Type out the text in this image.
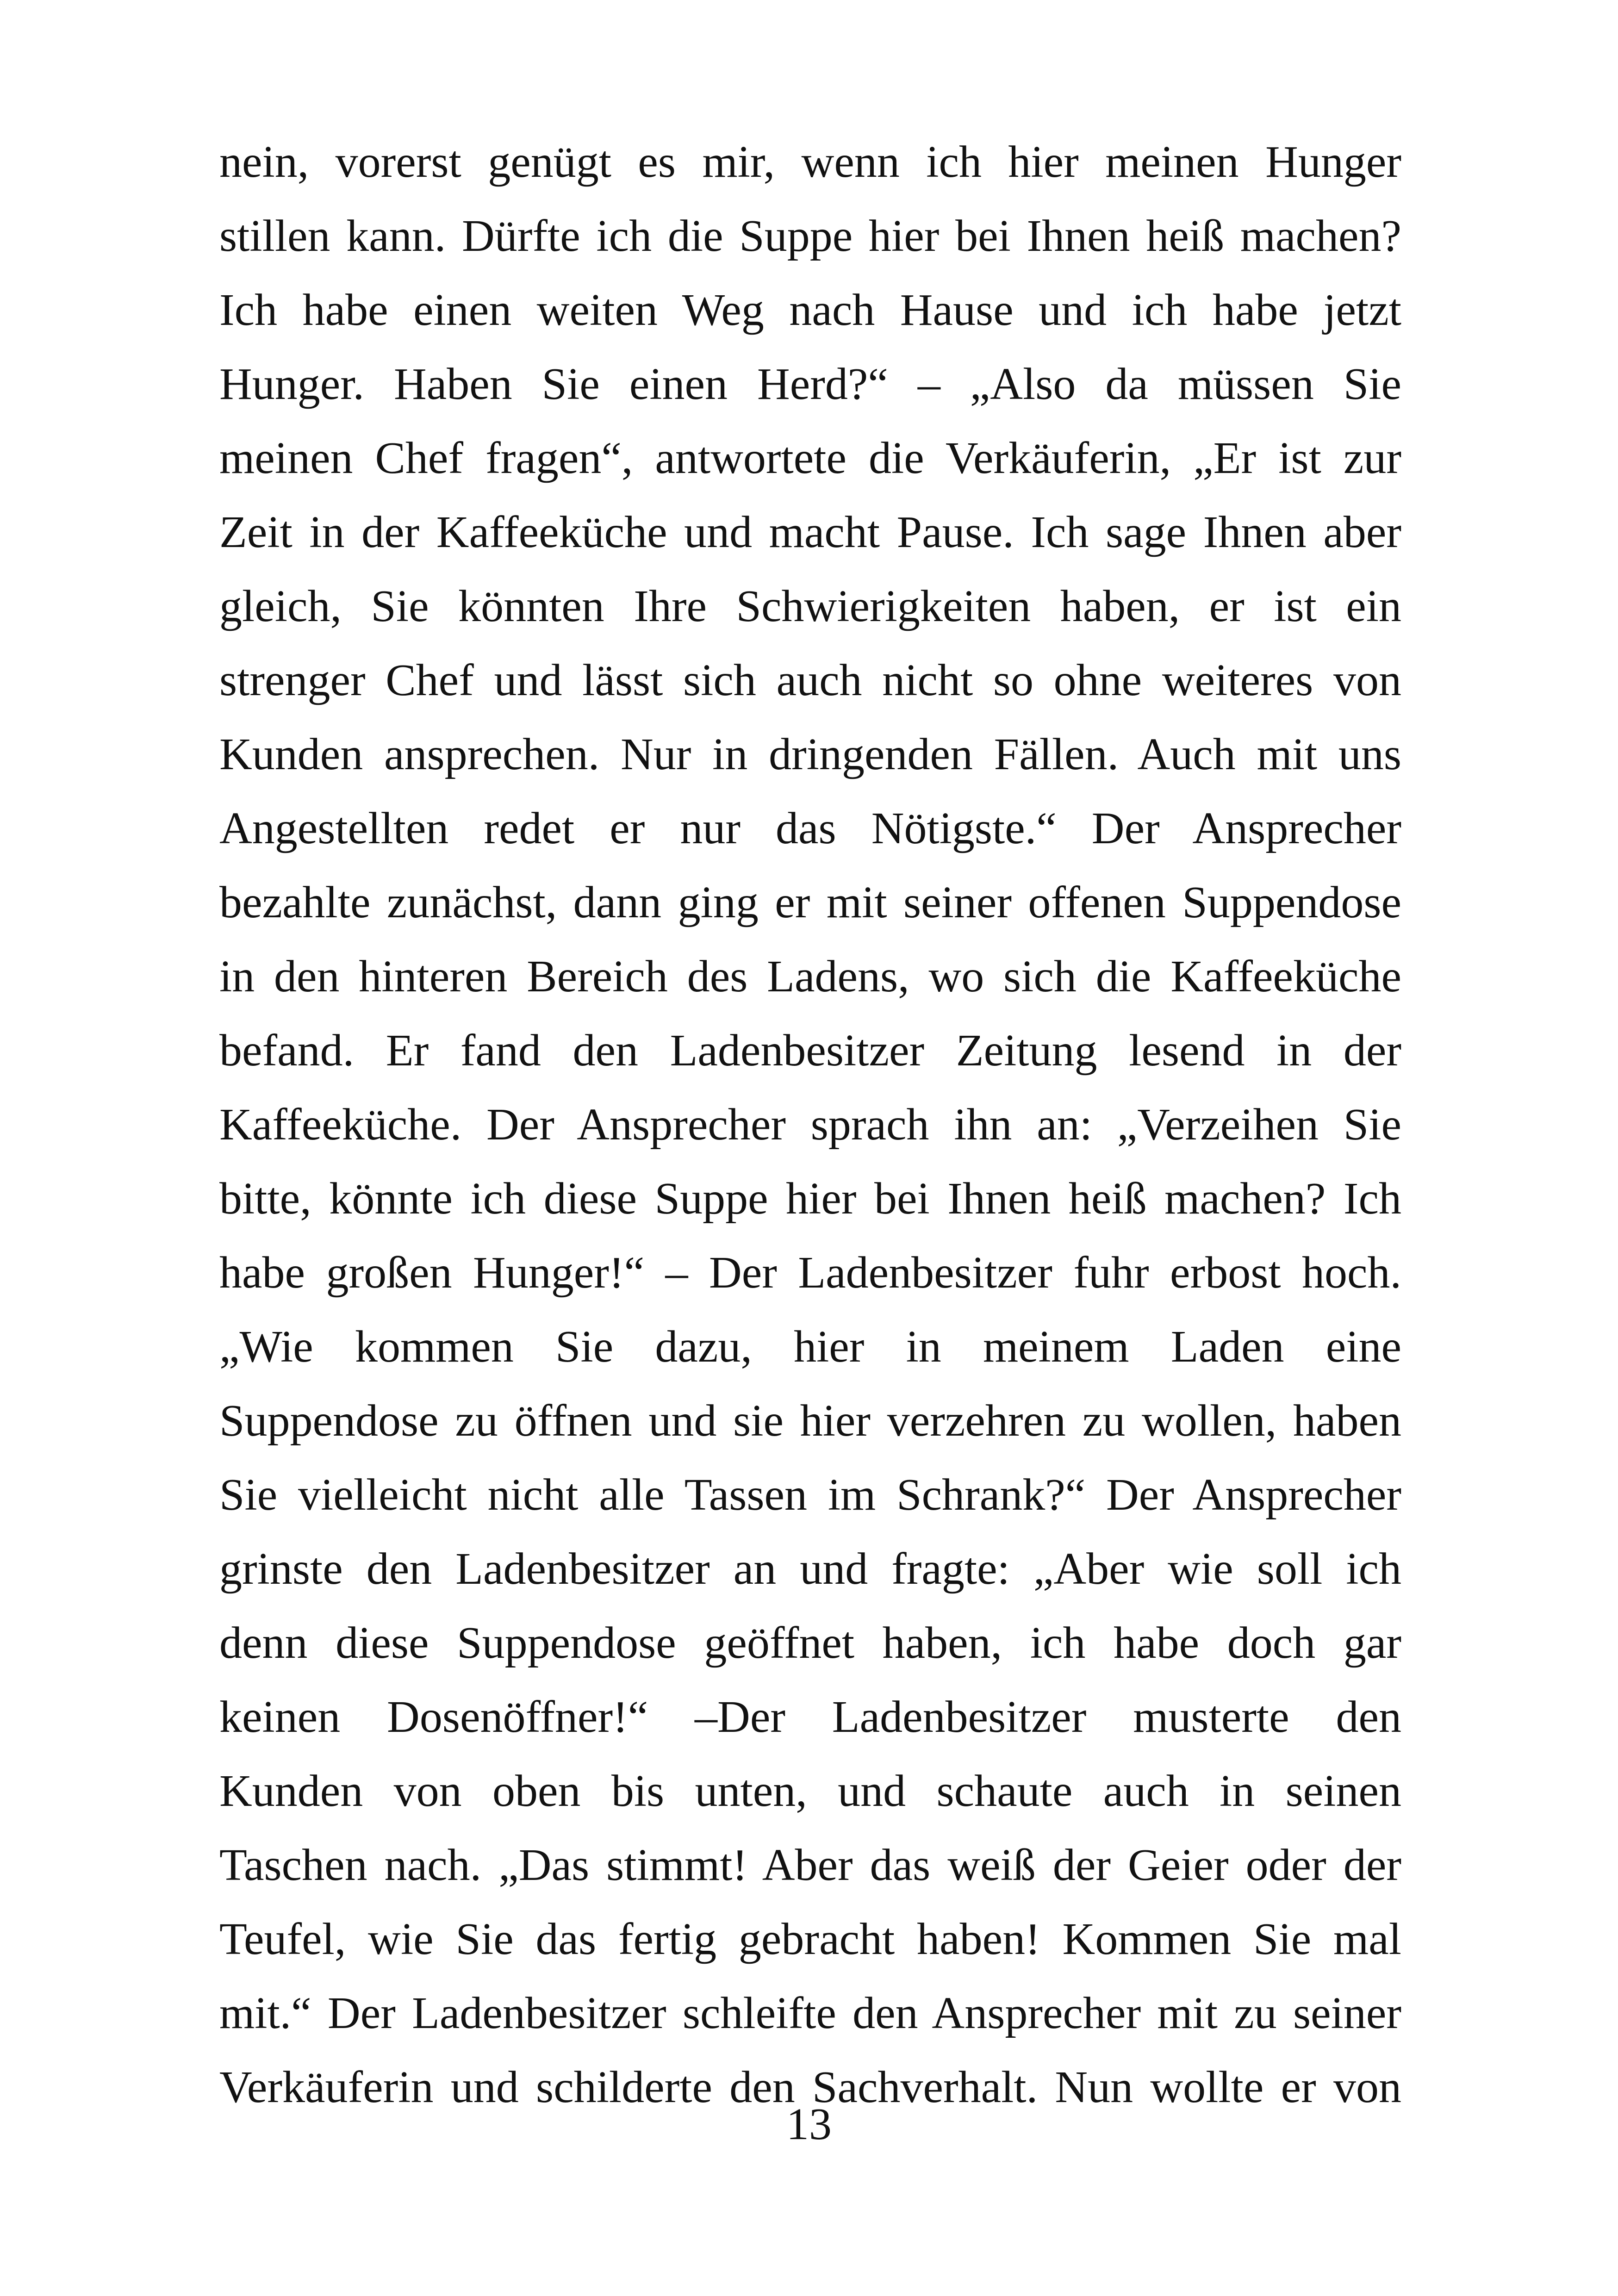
nein, vorerst genügt es mir, wenn ich hier meinen Hunger
stillen kann. Dürfte ich die Suppe hier bei Ihnen heiß machen?
Ich habe einen weiten Weg nach Hause und ich habe jetzt
Hunger. Haben Sie einen Herd?“ – „Also da müssen Sie
meinen Chef fragen“, antwortete die Verkäuferin, „Er ist zur
Zeit in der Kaffeeküche und macht Pause. Ich sage Ihnen aber
gleich, Sie könnten Ihre Schwierigkeiten haben, er ist ein
strenger Chef und lässt sich auch nicht so ohne weiteres von
Kunden ansprechen. Nur in dringenden Fällen. Auch mit uns
Angestellten redet er nur das Nötigste.“ Der Ansprecher
bezahlte zunächst, dann ging er mit seiner offenen Suppendose
in den hinteren Bereich des Ladens, wo sich die Kaffeeküche
befand. Er fand den Ladenbesitzer Zeitung lesend in der
Kaffeeküche. Der Ansprecher sprach ihn an: „Verzeihen Sie
bitte, könnte ich diese Suppe hier bei Ihnen heiß machen? Ich
habe großen Hunger!“ – Der Ladenbesitzer fuhr erbost hoch.
„Wie kommen Sie dazu, hier in meinem Laden eine
Suppendose zu öffnen und sie hier verzehren zu wollen, haben
Sie vielleicht nicht alle Tassen im Schrank?“ Der Ansprecher
grinste den Ladenbesitzer an und fragte: „Aber wie soll ich
denn diese Suppendose geöffnet haben, ich habe doch gar
keinen Dosenöffner!“ –Der Ladenbesitzer musterte den
Kunden von oben bis unten, und schaute auch in seinen
Taschen nach. „Das stimmt! Aber das weiß der Geier oder der
Teufel, wie Sie das fertig gebracht haben! Kommen Sie mal
mit.“ Der Ladenbesitzer schleifte den Ansprecher mit zu seiner
Verkäuferin und schilderte den Sachverhalt. Nun wollte er von
13
